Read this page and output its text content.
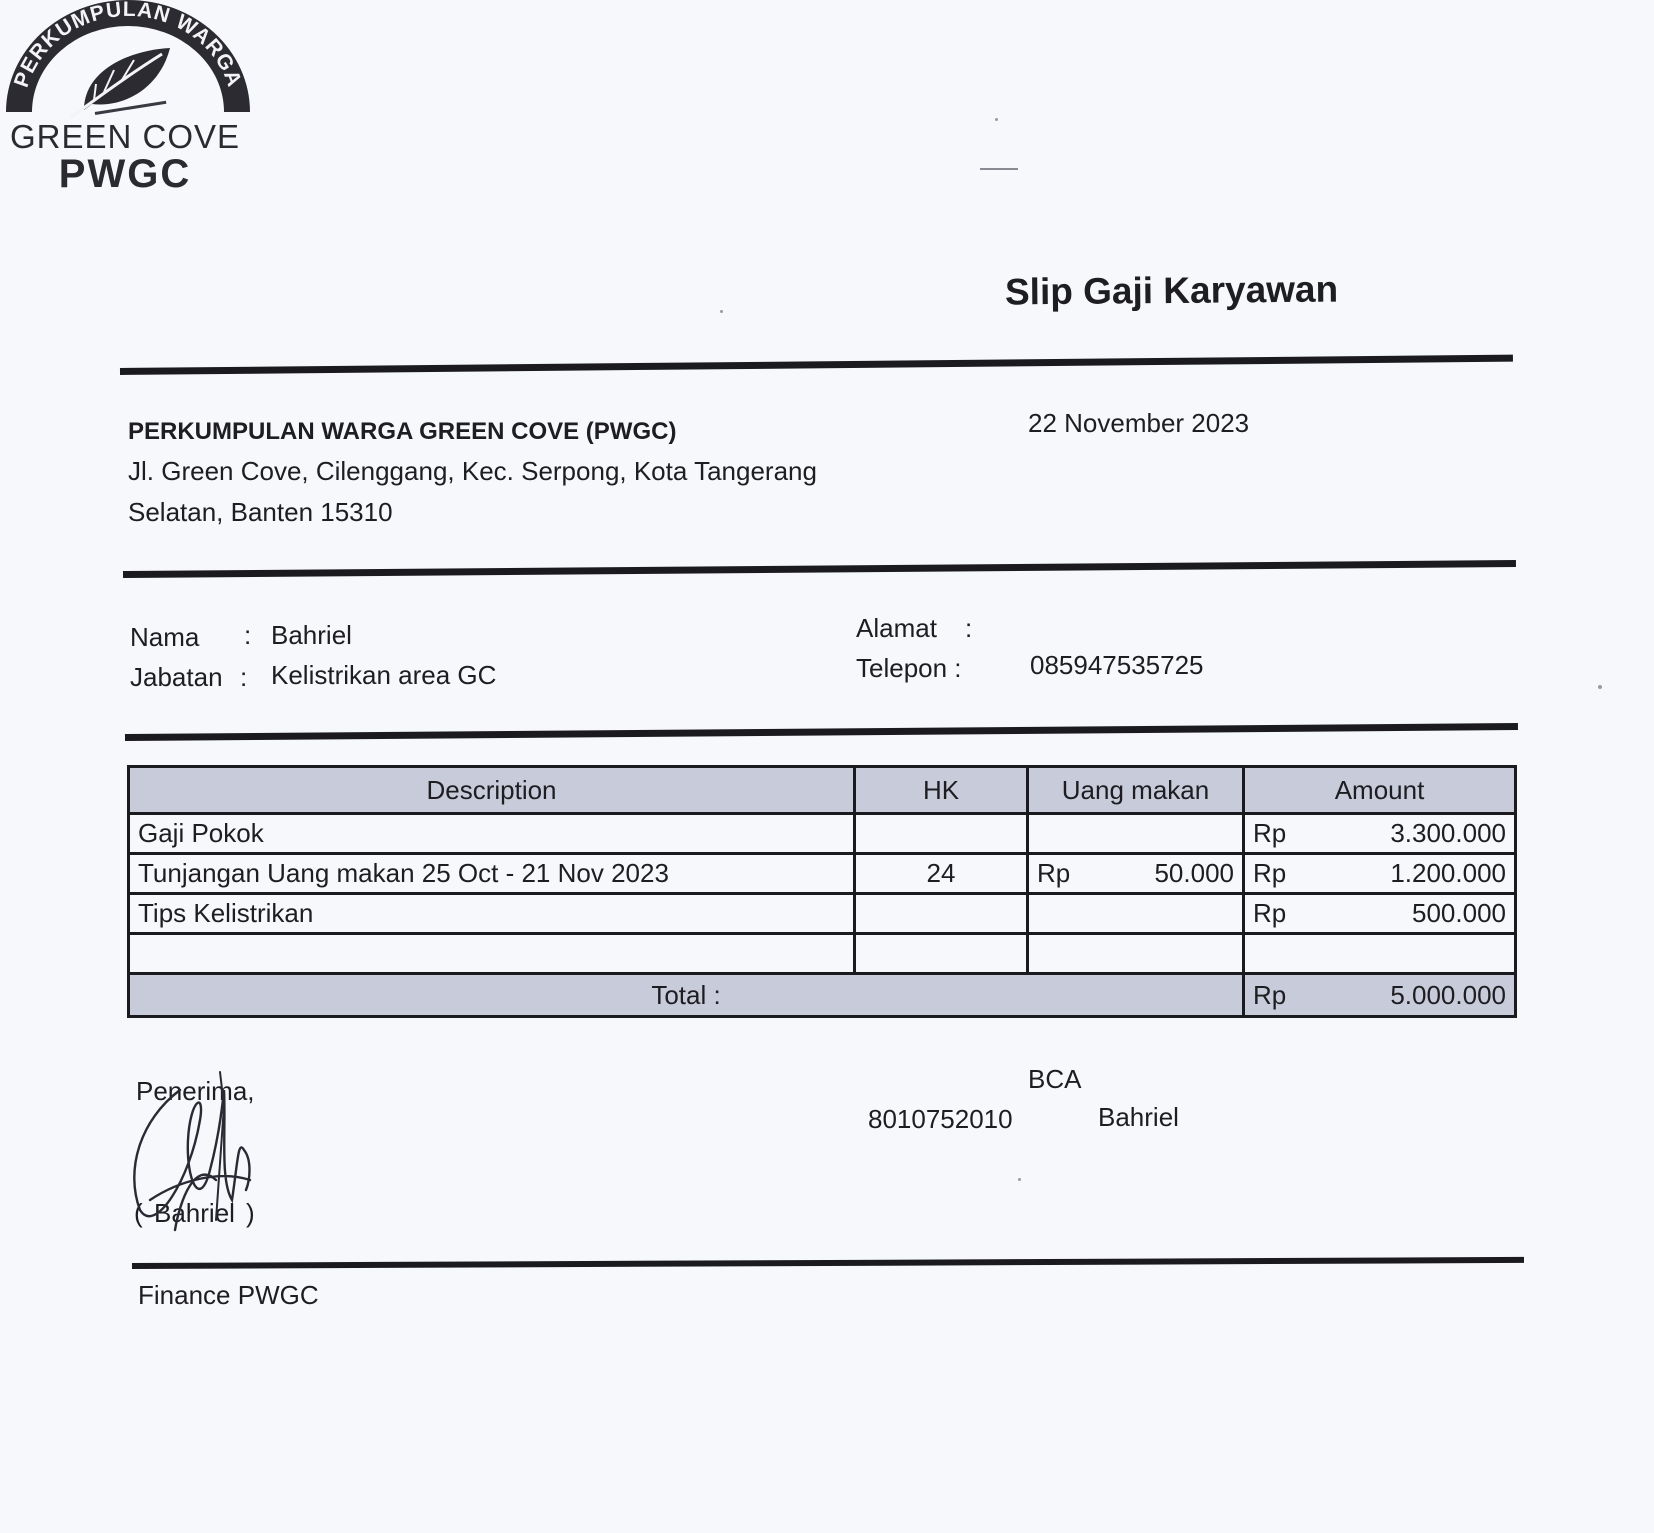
PERKUMPULAN WARGA
GREEN COVE
PWGC
Slip Gaji Karyawan
PERKUMPULAN WARGA GREEN COVE (PWGC)
Jl. Green Cove, Cilenggang, Kec. Serpong, Kota Tangerang
Selatan, Banten 15310
22 November 2023
Nama : Bahriel
Jabatan : Kelistrikan area GC
Alamat :
Telepon :	085947535725
Description	HK	Uang makan	Amount
Gaji Pokok			Rp 3.300.000

Tunjangan Uang makan 25 Oct - 21 Nov 2023	24	Rp 50.000	Rp 1.200.000

Tips Kelistrikan			Rp 500.000

Total :			Rp 5.000.000
Penerima,
( Bahriel )
BCA
8010752010	Bahriel
Finance PWGC
